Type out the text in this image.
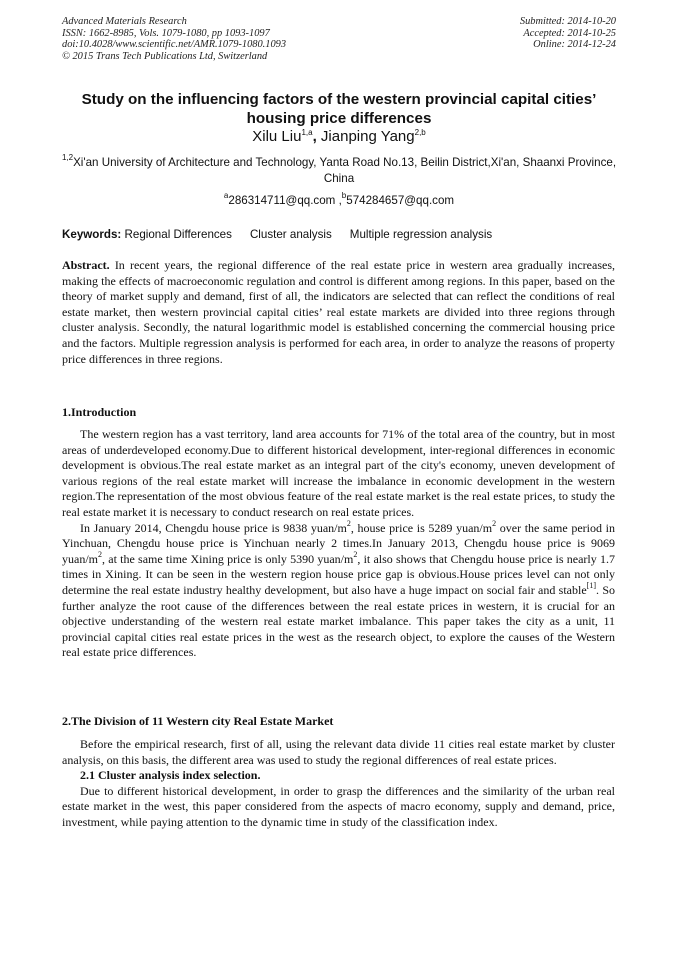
Advanced Materials Research
ISSN: 1662-8985, Vols. 1079-1080, pp 1093-1097
doi:10.4028/www.scientific.net/AMR.1079-1080.1093
© 2015 Trans Tech Publications Ltd, Switzerland
Submitted: 2014-10-20
Accepted: 2014-10-25
Online: 2014-12-24
Study on the influencing factors of the western provincial capital cities’
housing price differences
Xilu Liu$^{1,a}$, Jianping Yang$^{2,b}$
$^{1,2}$Xi'an University of Architecture and Technology, Yanta Road No.13, Beilin District,Xi'an, Shaanxi Province, China
$^a$286314711@qq.com ,$^b$574284657@qq.com
Keywords: Regional Differences Cluster analysis Multiple regression analysis

Abstract. In recent years, the regional difference of the real estate price in western area gradually increases, making the effects of macroeconomic regulation and control is different among regions. In this paper, based on the theory of market supply and demand, first of all, the indicators are selected that can reflect the conditions of real estate market, then western provincial capital cities’ real estate markets are divided into three regions through cluster analysis. Secondly, the natural logarithmic model is established concerning the commercial housing price and the factors. Multiple regression analysis is performed for each area, in order to analyze the reasons of property price differences in three regions.

1.Introduction

The western region has a vast territory, land area accounts for 71% of the total area of the country, but in most areas of underdeveloped economy.Due to different historical development, inter-regional differences in economic development is obvious.The real estate market as an integral part of the city's economy, uneven development of various regions of the real estate market will increase the imbalance in economic development in the western region.The representation of the most obvious feature of the real estate market is the real estate prices, to study the real estate market it is necessary to conduct research on real estate prices.

In January 2014, Chengdu house price is 9838 yuan/$m^2$, house price is 5289 yuan/$m^2$ over the same period in Yinchuan, Chengdu house price is Yinchuan nearly 2 times.In January 2013, Chengdu house price is 9069 yuan/$m^2$, at the same time Xining price is only 5390 yuan/$m^2$, it also shows that Chengdu house price is nearly 1.7 times in Xining. It can be seen in the western region house price gap is obvious.House prices level can not only determine the real estate industry healthy development, but also have a huge impact on social fair and stable[1]. So further analyze the root cause of the differences between the real estate prices in western, it is crucial for an objective understanding of the western real estate market imbalance. This paper takes the city as a unit, 11 provincial capital cities real estate prices in the west as the research object, to explore the causes of the Western real estate price differences.

2.The Division of 11 Western city Real Estate Market

Before the empirical research, first of all, using the relevant data divide 11 cities real estate market by cluster analysis, on this basis, the different area was used to study the regional differences of real estate prices.

2.1 Cluster analysis index selection.

Due to different historical development, in order to grasp the differences and the similarity of the urban real estate market in the west, this paper considered from the aspects of macro economy, supply and demand, price, investment, while paying attention to the dynamic time in study of the classification index.
